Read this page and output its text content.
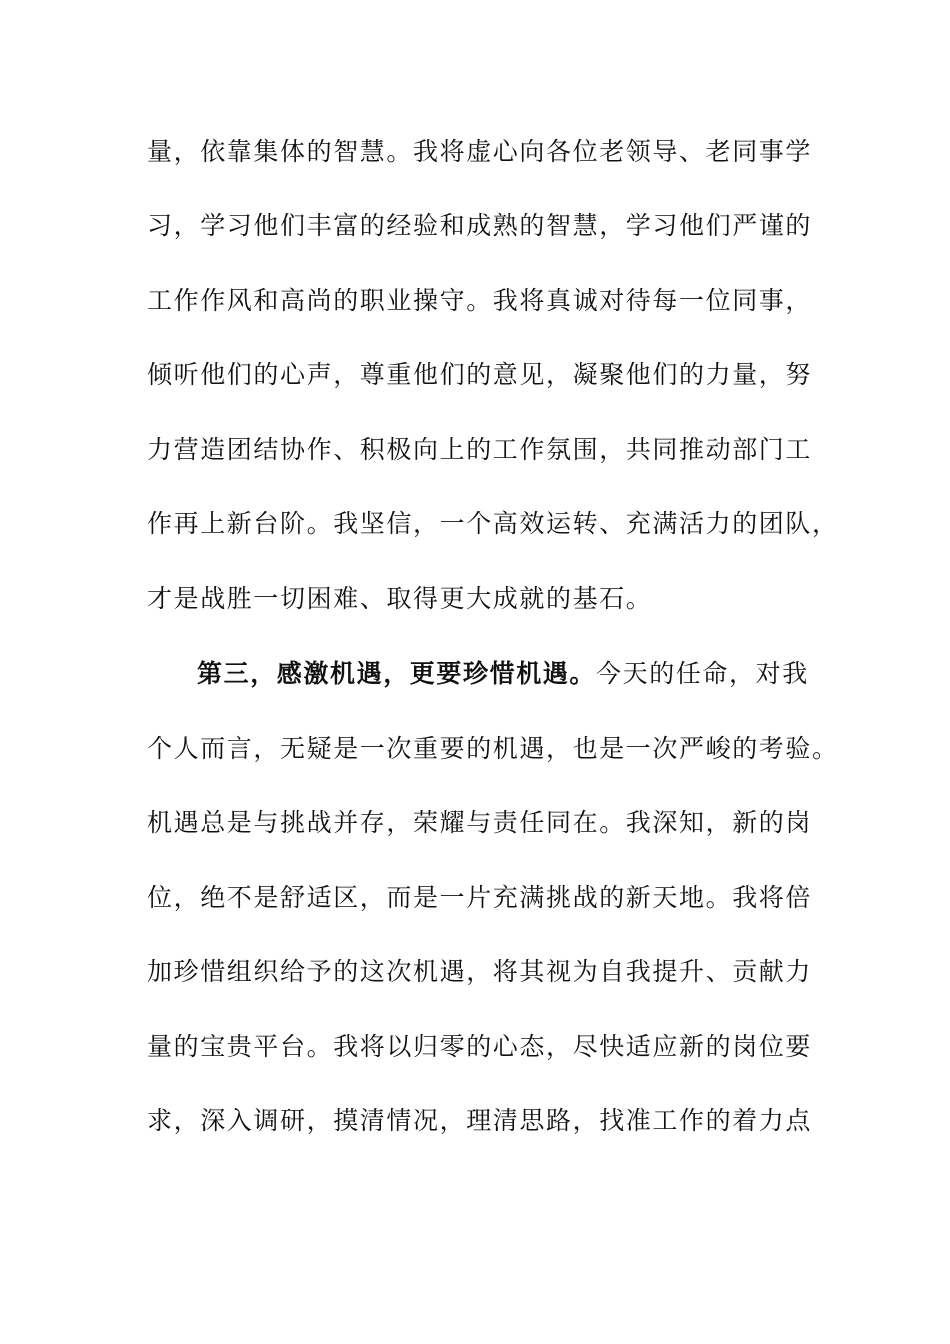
量，依靠集体的智慧。我将虚心向各位老领导、老同事学
习，学习他们丰富的经验和成熟的智慧，学习他们严谨的
工作作风和高尚的职业操守。我将真诚对待每一位同事，
倾听他们的心声，尊重他们的意见，凝聚他们的力量，努
力营造团结协作、积极向上的工作氛围，共同推动部门工
作再上新台阶。我坚信，一个高效运转、充满活力的团队，
才是战胜一切困难、取得更大成就的基石。
第三，感激机遇，更要珍惜机遇。今天的任命，对我
个人而言，无疑是一次重要的机遇，也是一次严峻的考验。
机遇总是与挑战并存，荣耀与责任同在。我深知，新的岗
位，绝不是舒适区，而是一片充满挑战的新天地。我将倍
加珍惜组织给予的这次机遇，将其视为自我提升、贡献力
量的宝贵平台。我将以归零的心态，尽快适应新的岗位要
求，深入调研，摸清情况，理清思路，找准工作的着力点
